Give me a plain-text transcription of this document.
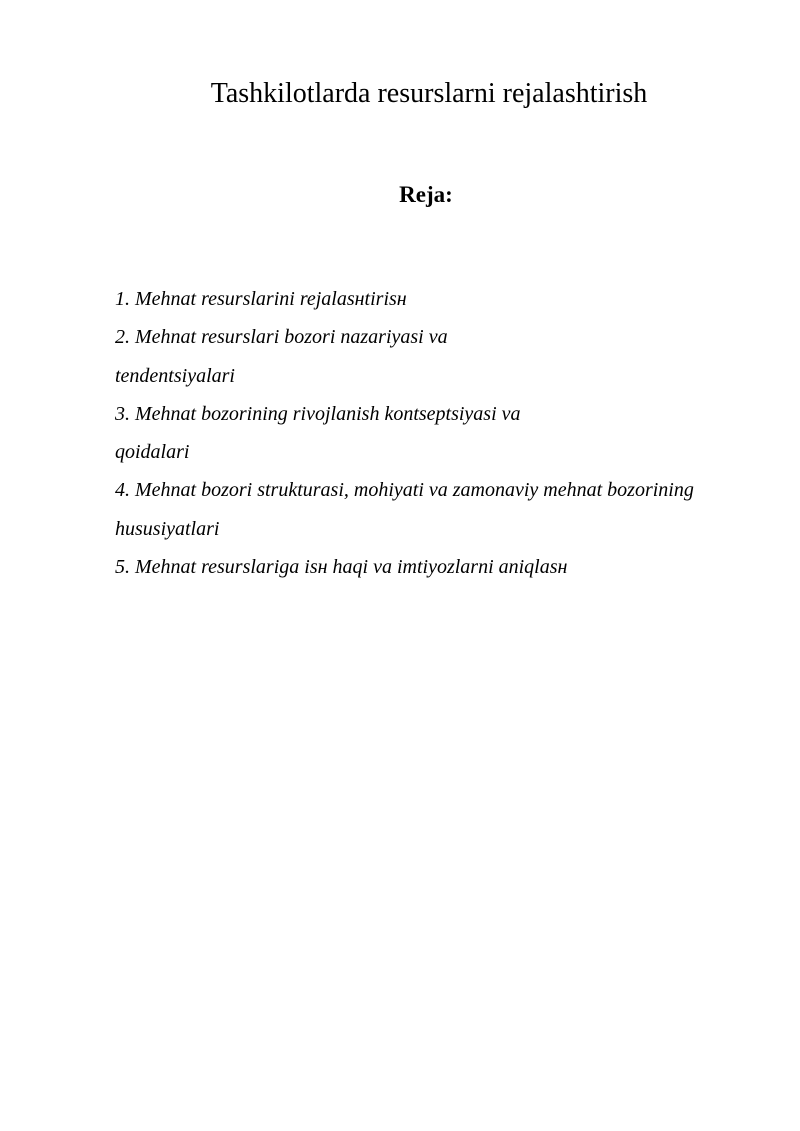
Tashkilotlarda resurslarni rejalashtirish
Reja:
1. Mehnat resurslarini rejalasнtirisн
2. Mehnat resurslari bozori nazariyasi va
tendentsiyalari
3. Mehnat bozorining rivojlanish kontseptsiyasi va
qoidalari
4. Mehnat bozori strukturasi, mohiyati va zamonaviy mehnat bozorining
hususiyatlari
5. Mehnat resurslariga isн haqi va imtiyozlarni aniqlasн
